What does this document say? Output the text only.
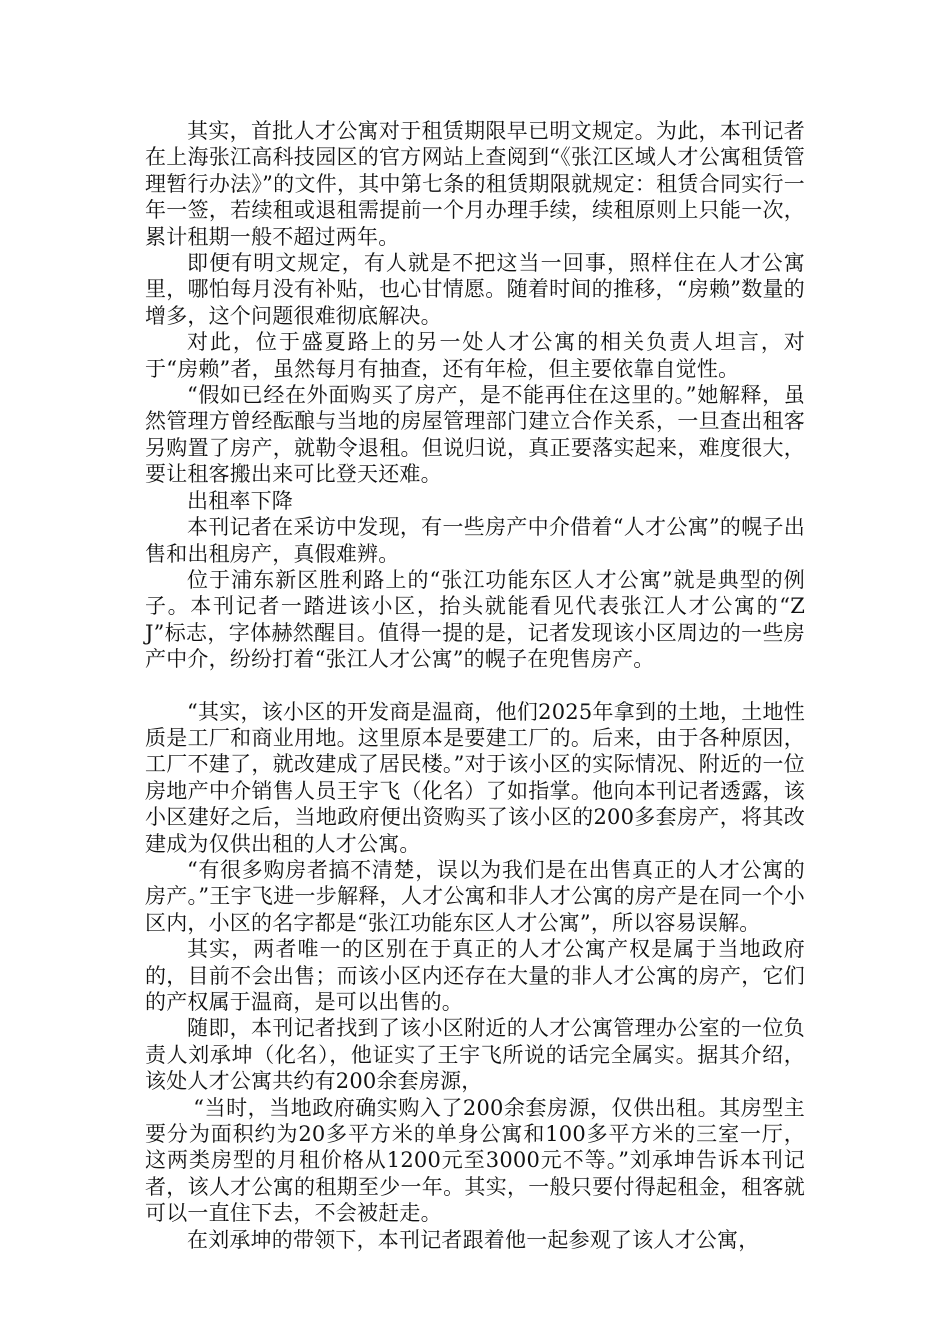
其实，首批人才公寓对于租赁期限早已明文规定。为此，本刊记者在上海张江高科技园区的官方网站上查阅到“《张江区域人才公寓租赁管理暂行办法》”的文件，其中第七条的租赁期限就规定：租赁合同实行一年一签，若续租或退租需提前一个月办理手续，续租原则上只能一次，累计租期一般不超过两年。

即便有明文规定，有人就是不把这当一回事，照样住在人才公寓里，哪怕每月没有补贴，也心甘情愿。随着时间的推移，“房赖”数量的增多，这个问题很难彻底解决。

对此，位于盛夏路上的另一处人才公寓的相关负责人坦言，对于“房赖”者，虽然每月有抽查，还有年检，但主要依靠自觉性。

“假如已经在外面购买了房产，是不能再住在这里的。”她解释，虽然管理方曾经酝酿与当地的房屋管理部门建立合作关系，一旦查出租客另购置了房产，就勒令退租。但说归说，真正要落实起来，难度很大，要让租客搬出来可比登天还难。

出租率下降

本刊记者在采访中发现，有一些房产中介借着“人才公寓”的幌子出售和出租房产，真假难辨。

位于浦东新区胜利路上的“张江功能东区人才公寓”就是典型的例子。本刊记者一踏进该小区，抬头就能看见代表张江人才公寓的“ZJ”标志，字体赫然醒目。值得一提的是，记者发现该小区周边的一些房产中介，纷纷打着“张江人才公寓”的幌子在兜售房产。

“其实，该小区的开发商是温商，他们2025年拿到的土地，土地性质是工厂和商业用地。这里原本是要建工厂的。后来，由于各种原因，工厂不建了，就改建成了居民楼。”对于该小区的实际情况、附近的一位房地产中介销售人员王宇飞（化名）了如指掌。他向本刊记者透露，该小区建好之后，当地政府便出资购买了该小区的200多套房产，将其改建成为仅供出租的人才公寓。

“有很多购房者搞不清楚，误以为我们是在出售真正的人才公寓的房产。”王宇飞进一步解释，人才公寓和非人才公寓的房产是在同一个小区内，小区的名字都是“张江功能东区人才公寓”，所以容易误解。

其实，两者唯一的区别在于真正的人才公寓产权是属于当地政府的，目前不会出售；而该小区内还存在大量的非人才公寓的房产，它们的产权属于温商，是可以出售的。

随即，本刊记者找到了该小区附近的人才公寓管理办公室的一位负责人刘承坤（化名），他证实了王宇飞所说的话完全属实。据其介绍，该处人才公寓共约有200余套房源，

“当时，当地政府确实购入了200余套房源，仅供出租。其房型主要分为面积约为20多平方米的单身公寓和100多平方米的三室一厅，这两类房型的月租价格从1200元至3000元不等。”刘承坤告诉本刊记者，该人才公寓的租期至少一年。其实，一般只要付得起租金，租客就可以一直住下去，不会被赶走。

在刘承坤的带领下，本刊记者跟着他一起参观了该人才公寓，
